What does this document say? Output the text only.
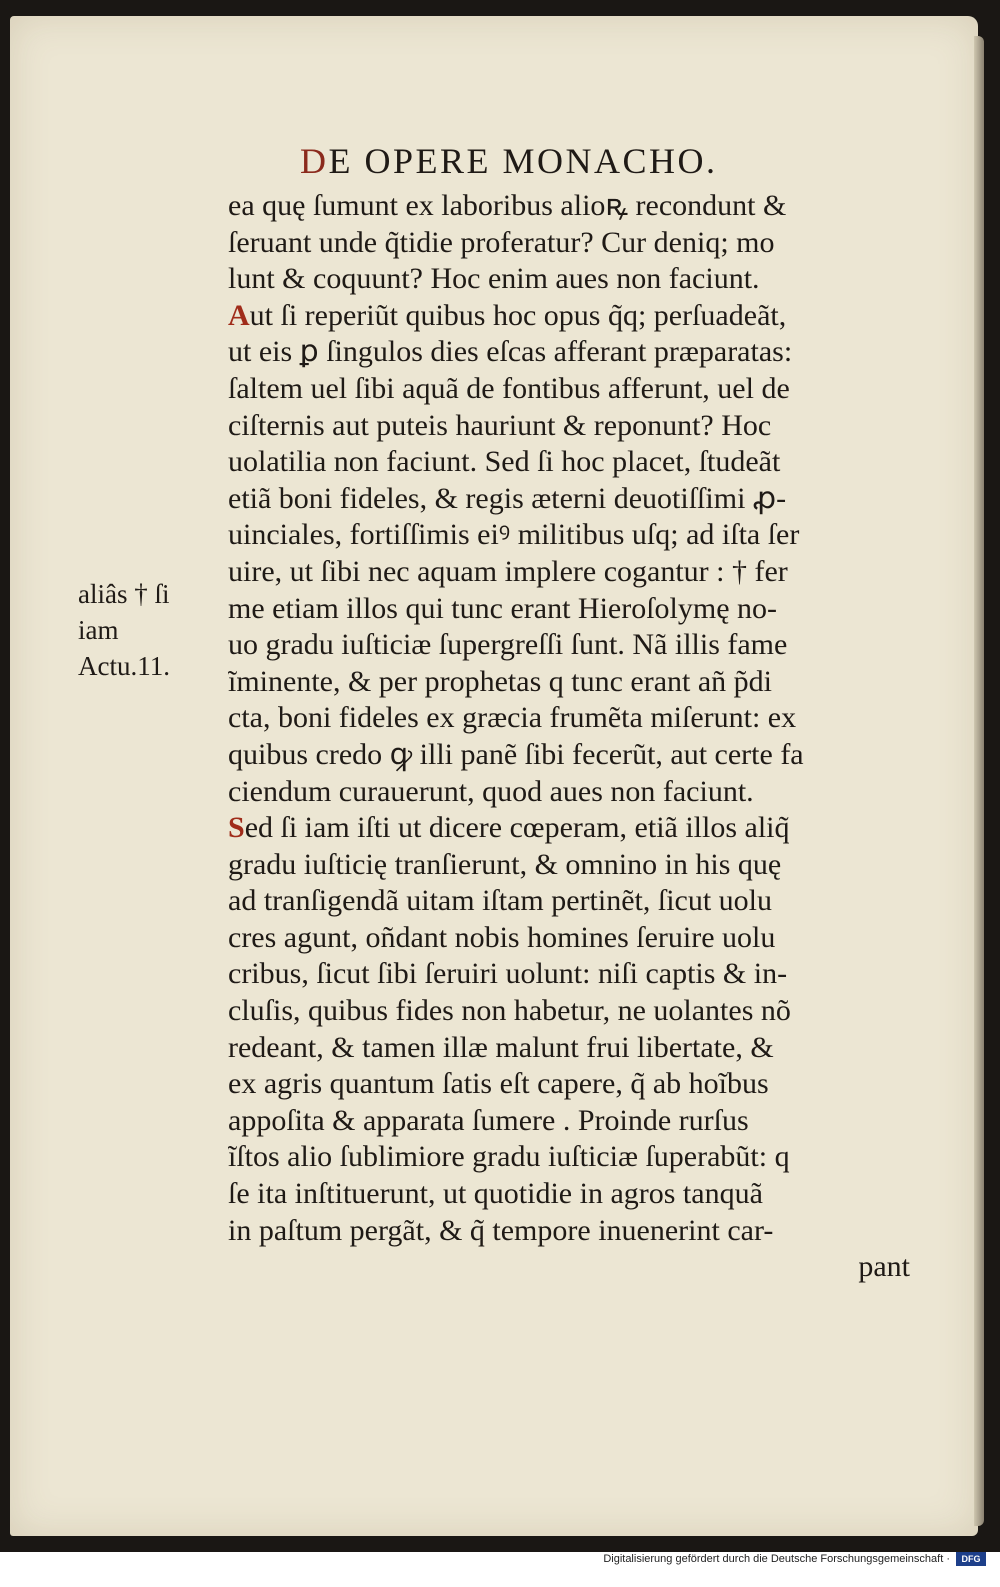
DE OPERE MONACHO.
aliâs † ſi
iam
Actu.11.
ea quę ſumunt ex laboribus alioꝶ recondunt &
ſeruant unde q̃tidie proferatur? Cur deniq; mo
lunt & coquunt? Hoc enim aues non faciunt.
Aut ſi reperiũt quibus hoc opus q̃q; perſuadeãt,
ut eis ꝑ ſingulos dies eſcas afferant præparatas:
ſaltem uel ſibi aquã de fontibus afferunt, uel de
ciſternis aut puteis hauriunt & reponunt? Hoc
uolatilia non faciunt. Sed ſi hoc placet, ſtudeãt
etiã boni fideles, & regis æterni deuotiſſimi ꝓ-
uinciales, fortiſſimis eiꝰ militibus uſq; ad iſta ſer
uire, ut ſibi nec aquam implere cogantur : † fer
me etiam illos qui tunc erant Hieroſolymę no-
uo gradu iuſticiæ ſupergreſſi ſunt. Nã illis fame
ĩminente, & per prophetas q tunc erant añ p̃di
cta, boni fideles ex græcia frumẽta miſerunt: ex
quibus credo ꝙ illi panẽ ſibi fecerũt, aut certe fa
ciendum curauerunt, quod aues non faciunt.
Sed ſi iam iſti ut dicere cœperam, etiã illos aliq̃
gradu iuſticię tranſierunt, & omnino in his quę
ad tranſigendã uitam iſtam pertinẽt, ſicut uolu
cres agunt, oñdant nobis homines ſeruire uolu
cribus, ſicut ſibi ſeruiri uolunt: niſi captis & in-
cluſis, quibus fides non habetur, ne uolantes nõ
redeant, & tamen illæ malunt frui libertate, &
ex agris quantum ſatis eſt capere, q̃ ab hoĩbus
appoſita & apparata ſumere . Proinde rurſus
ĩſtos alio ſublimiore gradu iuſticiæ ſuperabũt: q
ſe ita inſtituerunt, ut quotidie in agros tanquã
in paſtum pergãt, & q̃ tempore inuenerint car-
pant
Digitalisierung gefördert durch die Deutsche Forschungsgemeinschaft ·	DFG
